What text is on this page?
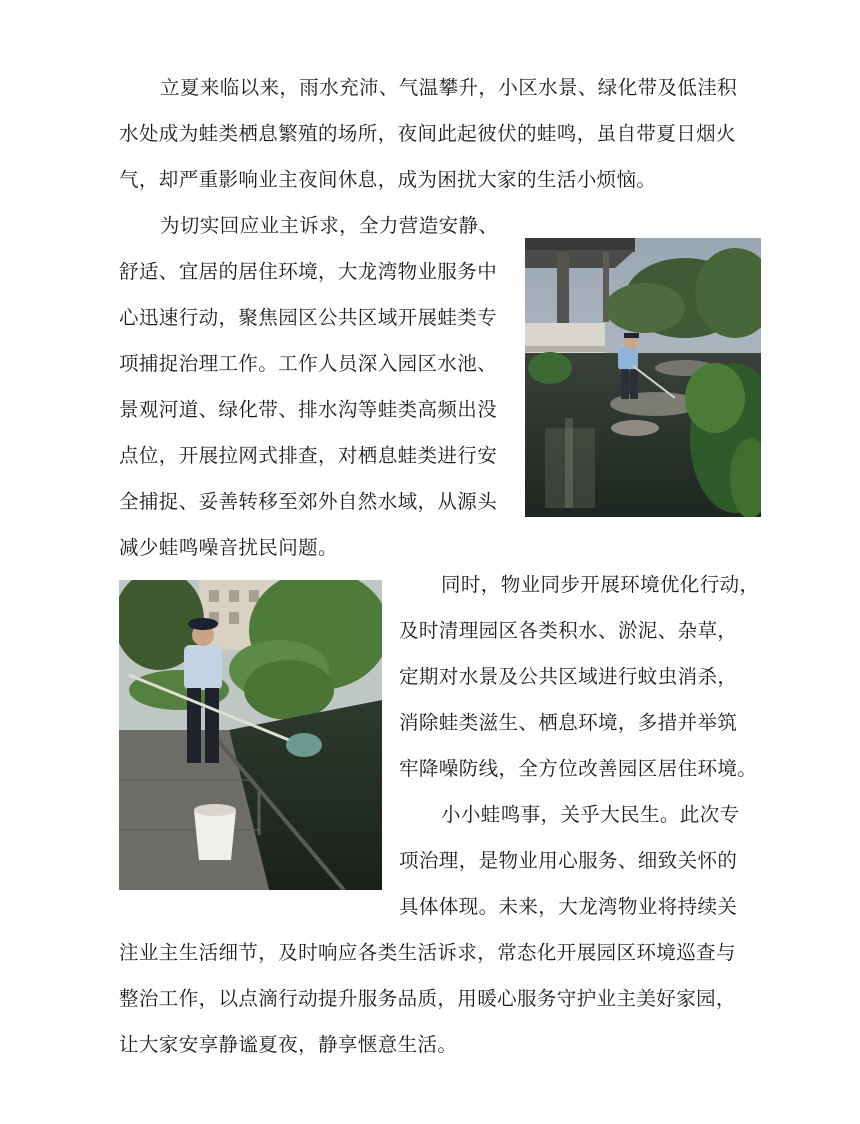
立夏来临以来，雨水充沛、气温攀升，小区水景、绿化带及低洼积
水处成为蛙类栖息繁殖的场所，夜间此起彼伏的蛙鸣，虽自带夏日烟火
气，却严重影响业主夜间休息，成为困扰大家的生活小烦恼。
为切实回应业主诉求，全力营造安静、
舒适、宜居的居住环境，大龙湾物业服务中
心迅速行动，聚焦园区公共区域开展蛙类专
项捕捉治理工作。工作人员深入园区水池、
景观河道、绿化带、排水沟等蛙类高频出没
点位，开展拉网式排查，对栖息蛙类进行安
全捕捉、妥善转移至郊外自然水域，从源头
减少蛙鸣噪音扰民问题。
同时，物业同步开展环境优化行动，
及时清理园区各类积水、淤泥、杂草，
定期对水景及公共区域进行蚊虫消杀，
消除蛙类滋生、栖息环境，多措并举筑
牢降噪防线，全方位改善园区居住环境。
小小蛙鸣事，关乎大民生。此次专
项治理，是物业用心服务、细致关怀的
具体体现。未来，大龙湾物业将持续关
注业主生活细节，及时响应各类生活诉求，常态化开展园区环境巡查与
整治工作，以点滴行动提升服务品质，用暖心服务守护业主美好家园，
让大家安享静谧夏夜，静享惬意生活。
